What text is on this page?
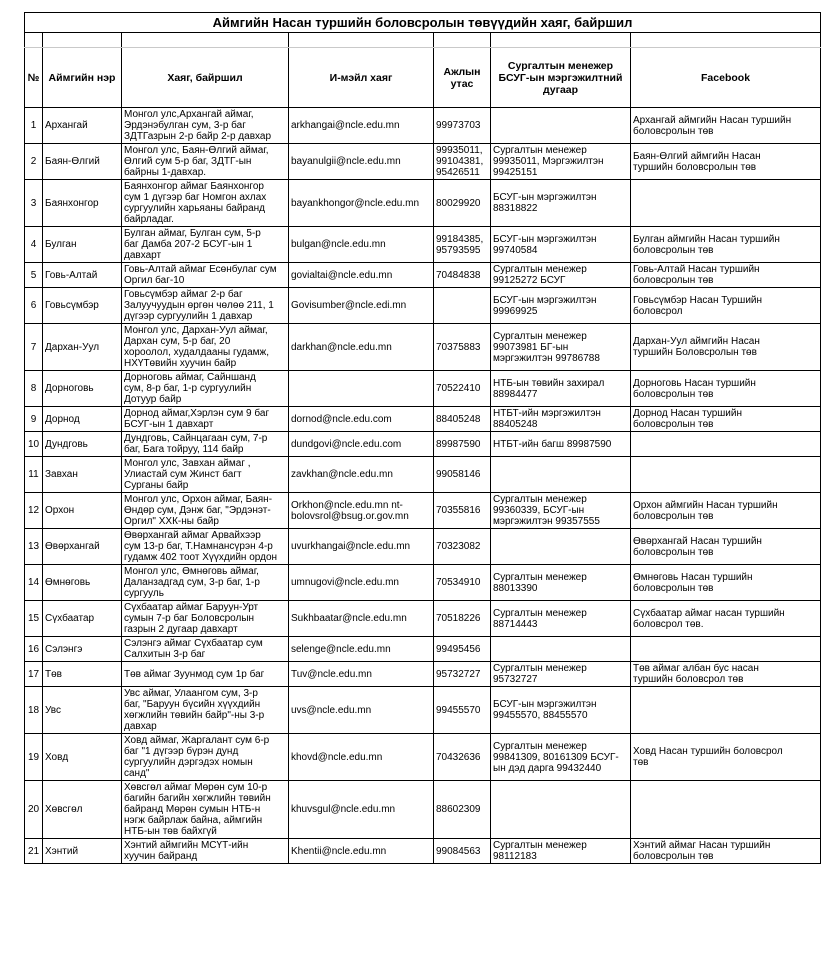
Аймгийн Насан туршийн боловсролын төвүүдийн хаяг, байршил						

№	Аймгийн нэр	Хаяг, байршил	И-мэйл хаяг	Ажлын утас	Сургалтын менежер БСУГ-ын мэргэжилтний дугаар	Facebook
1	Архангай	Монгол улс,Архангай аймаг,
Эрдэнэбулган сум, 3-р баг
ЗДТГазрын 2-р байр 2-р давхар	arkhangai@ncle.edu.mn	99973703		Архангай аймгийн Насан туршийн
боловсролын төв
2	Баян-Өлгий	Монгол улс, Баян-Өлгий аймаг,
Өлгий сум 5-р баг, ЗДТГ-ын
байрны 1-давхар.	bayanulgii@ncle.edu.mn	99935011,
99104381,
95426511	Сургалтын менежер
99935011, Мэргэжилтэн
99425151	Баян-Өлгий аймгийн Насан
туршийн боловсролын төв
3	Баянхонгор	Баянхонгор аймаг Баянхонгор
сум 1 дүгээр баг Номгон ахлах
сургуулийн харьяаны байранд
байрладаг.	bayankhongor@ncle.edu.mn	80029920	БСУГ-ын мэргэжилтэн
88318822	
4	Булган	Булган аймаг, Булган сум, 5-р
баг Дамба 207-2 БСУГ-ын 1
давхарт	bulgan@ncle.edu.mn	99184385,
95793595	БСУГ-ын мэргэжилтэн
99740584	Булган аймгийн Насан туршийн
боловсролын төв
5	Говь-Алтай	Говь-Алтай аймаг Есөнбулаг сум
Оргил баг-10	govialtai@ncle.edu.mn	70484838	Сургалтын менежер
99125272 БСУГ	Говь-Алтай Насан туршийн
боловсролын төв
6	Говьсүмбэр	Говьсүмбэр аймаг 2-р баг
Залуучуудын өргөн чөлөө 211, 1
дүгээр сургуулийн 1 давхар	Govisumber@ncle.edi.mn		БСУГ-ын мэргэжилтэн
99969925	Говьсүмбэр Насан Туршийн
боловсрол
7	Дархан-Уул	Монгол улс, Дархан-Уул аймаг,
Дархан сум, 5-р баг, 20
хороолол, худалдааны гудамж,
НХҮТөвийн хуучин байр	darkhan@ncle.edu.mn	70375883	Сургалтын менежер
99073981 БГ-ын
мэргэжилтэн 99786788	Дархан-Уул аймгийн Насан
туршийн Боловсролын төв
8	Дорноговь	Дорноговь аймаг, Сайншанд
сум, 8-р баг, 1-р сургуулийн
Дотуур байр		70522410	НТБ-ын төвийн захирал
88984477	Дорноговь Насан туршийн
боловсролын төв
9	Дорнод	Дорнод аймаг,Хэрлэн сум 9 баг
БСУГ-ын 1 давхарт	dornod@ncle.edu.com	88405248	НТБТ-ийн мэргэжилтэн
88405248	Дорнод Насан туршийн
боловсролын төв
10	Дундговь	Дундговь, Сайнцагаан сум, 7-р
баг, Бага тойруу, 114 байр	dundgovi@ncle.edu.com	89987590	НТБТ-ийн багш 89987590	
11	Завхан	Монгол улс, Завхан аймаг ,
Улиастай сум Жинст багт
Сурганы байр	zavkhan@ncle.edu.mn	99058146		
12	Орхон	Монгол улс, Орхон аймаг, Баян-
Өндөр сум, Дэнж баг, "Эрдэнэт-
Оргил" ХХК-ны байр	Orkhon@ncle.edu.mn nt-
bolovsrol@bsug.or.gov.mn	70355816	Сургалтын менежер
99360339, БСУГ-ын
мэргэжилтэн 99357555	Орхон аймгийн Насан туршийн
боловсролын төв
13	Өвөрхангай	Өвөрхангай аймаг Арвайхээр
сум 13-р баг, Т.Намнансүрэн 4-р
гудамж 402 тоот Хүүхдийн ордон	uvurkhangai@ncle.edu.mn	70323082		Өвөрхангай Насан туршийн
боловсролын төв
14	Өмнөговь	Монгол улс, Өмнөговь аймаг,
Даланзадгад сум, 3-р баг, 1-р
сургууль	umnugovi@ncle.edu.mn	70534910	Сургалтын менежер
88013390	Өмнөговь Насан туршийн
боловсролын төв
15	Сүхбаатар	Сүхбаатар аймаг Баруун-Урт
сумын 7-р баг Боловсролын
газрын 2 дугаар давхарт	Sukhbaatar@ncle.edu.mn	70518226	Сургалтын менежер
88714443	Сүхбаатар аймаг насан туршийн
боловсрол төв.
16	Сэлэнгэ	Сэлэнгэ аймаг Сүхбаатар сум
Салхитын 3-р баг	selenge@ncle.edu.mn	99495456		
17	Төв	Төв аймаг Зуунмод сум 1р баг	Tuv@ncle.edu.mn	95732727	Сургалтын менежер
95732727	Төв аймаг албан бус насан
туршийн боловсрол төв
18	Увс	Увс аймаг, Улаангом сум, 3-р
баг, "Баруун бүсийн хүүхдийн
хөгжлийн төвийн байр"-ны 3-р
давхар	uvs@ncle.edu.mn	99455570	БСУГ-ын мэргэжилтэн
99455570, 88455570	
19	Ховд	Ховд аймаг, Жаргалант сум 6-р
баг "1 дүгээр бүрэн дунд
сургуулийн дэргэдэх номын
санд"	khovd@ncle.edu.mn	70432636	Сургалтын менежер
99841309, 80161309 БСУГ-
ын дэд дарга 99432440	Ховд Насан туршийн боловсрол
төв
20	Хөвсгөл	Хөвсгөл аймаг Мөрөн сум 10-р
багийн багийн хөгжлийн төвийн
байранд Мөрөн сумын НТБ-н
нэгж байрлаж байна, аймгийн
НТБ-ын төв байхгүй	khuvsgul@ncle.edu.mn	88602309		
21	Хэнтий	Хэнтий аймгийн МСҮТ-ийн
хуучин байранд	Khentii@ncle.edu.mn	99084563	Сургалтын менежер
98112183	Хэнтий аймаг Насан туршийн
боловсролын төв
